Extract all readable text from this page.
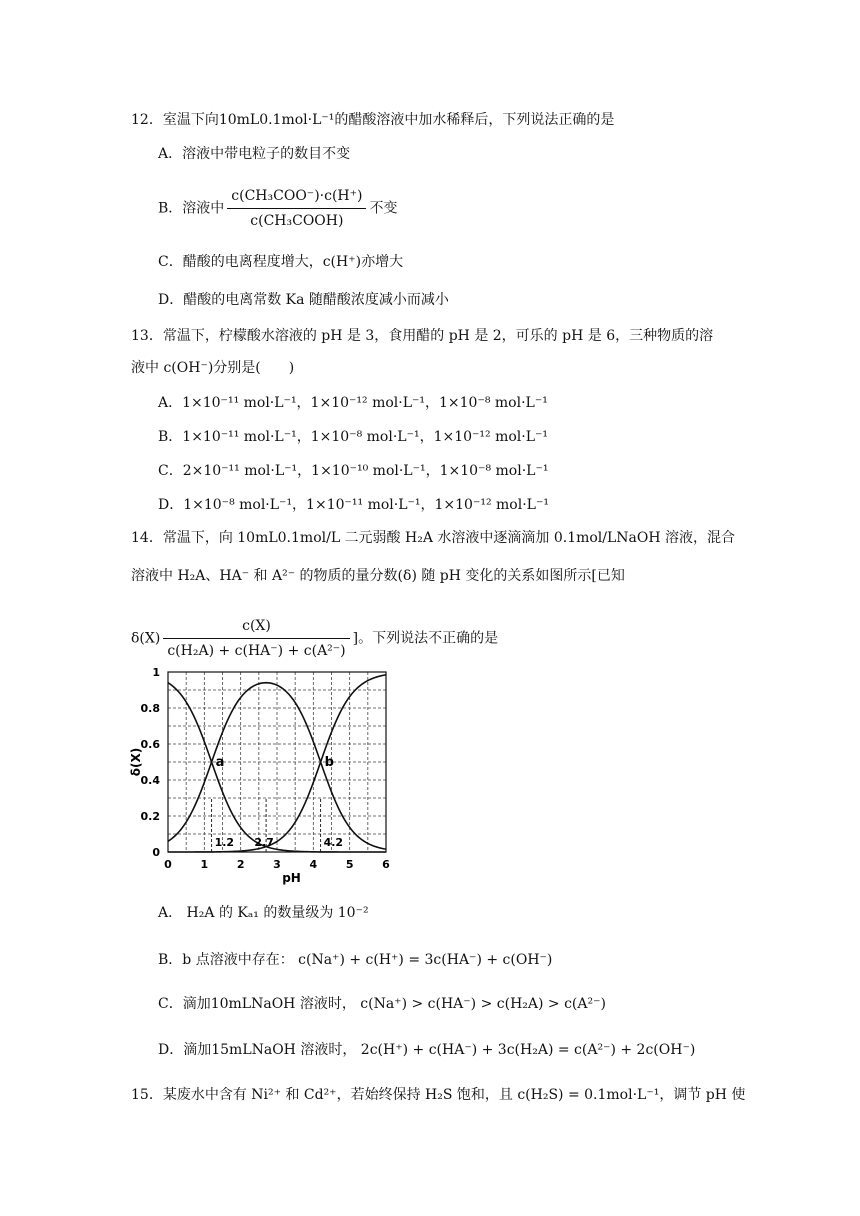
12．室温下向10mL0.1mol·L⁻¹的醋酸溶液中加水稀释后，下列说法正确的是
A．溶液中带电粒子的数目不变
B．溶液中 $\frac{\text{c(CH₃COO⁻)·c(H⁺)}}{\text{c(CH₃COOH)}}$ 不变
C．醋酸的电离程度增大，c(H⁺)亦增大
D．醋酸的电离常数 Ka 随醋酸浓度减小而减小
13．常温下，柠檬酸水溶液的 pH 是 3，食用醋的 pH 是 2，可乐的 pH 是 6，三种物质的溶
液中 c(OH⁻)分别是(　　)
A．1×10⁻¹¹ mol·L⁻¹，1×10⁻¹² mol·L⁻¹，1×10⁻⁸ mol·L⁻¹
B．1×10⁻¹¹ mol·L⁻¹，1×10⁻⁸ mol·L⁻¹，1×10⁻¹² mol·L⁻¹
C．2×10⁻¹¹ mol·L⁻¹，1×10⁻¹⁰ mol·L⁻¹，1×10⁻⁸ mol·L⁻¹
D．1×10⁻⁸ mol·L⁻¹，1×10⁻¹¹ mol·L⁻¹，1×10⁻¹² mol·L⁻¹
14．常温下，向 10mL0.1mol/L 二元弱酸 H₂A 水溶液中逐滴滴加 0.1mol/LNaOH 溶液，混合
溶液中 H₂A、HA⁻ 和 A²⁻ 的物质的量分数(δ) 随 pH 变化的关系如图所示[已知
$\delta(X) \frac{c(X)}{\text{c(H₂A) + c(HA⁻) + c(A²⁻)}}$ ]。下列说法不正确的是
0	1	2	3	4	5	6
0
0.2
0.4
0.6
0.8
1
pH
δ(X)	a	b
1.2 2.7	4.2
A． H₂A 的 Kₐ₁ 的数量级为 10⁻²
B．b 点溶液中存在： c(Na⁺) + c(H⁺) = 3c(HA⁻) + c(OH⁻)
C．滴加10mLNaOH 溶液时， c(Na⁺) > c(HA⁻) > c(H₂A) > c(A²⁻)
D．滴加15mLNaOH 溶液时， 2c(H⁺) + c(HA⁻) + 3c(H₂A) = c(A²⁻) + 2c(OH⁻)
15．某废水中含有 Ni²⁺ 和 Cd²⁺，若始终保持 H₂S 饱和，且 c(H₂S) = 0.1mol·L⁻¹，调节 pH 使
